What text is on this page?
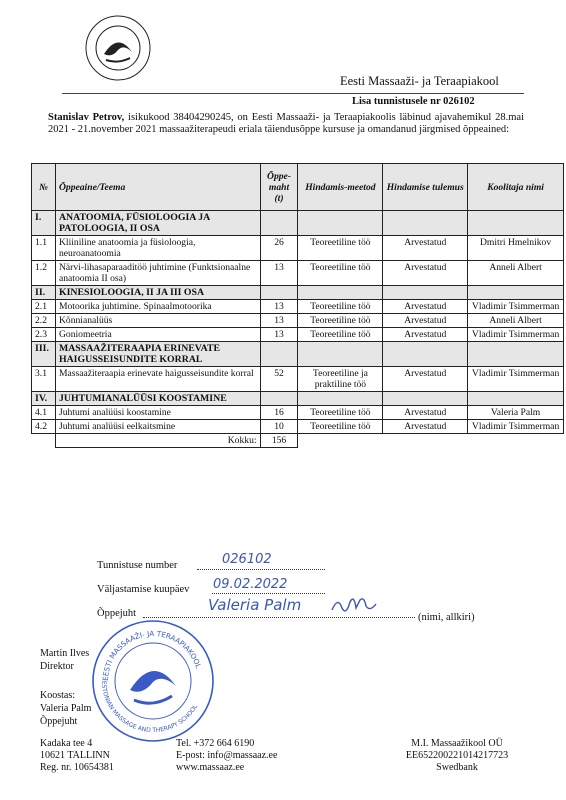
Eesti Massaaži- ja Teraapiakool
Lisa tunnistusele nr 026102
Stanislav Petrov, isikukood 38404290245, on Eesti Massaaži- ja Teraapiakoolis läbinud ajavahemikul 28.mai 2021 - 21.november 2021 massaažiterapeudi eriala täiendusõppe kursuse ja omandanud järgmised õppeained:
№	Õppeaine/Teema	Õppe-maht (t)	Hindamis-meetod	Hindamise tulemus	Koolitaja nimi
I.	ANATOOMIA, FÜSIOLOOGIA JA PATOLOOGIA, II OSA				
1.1	Kliiniline anatoomia ja füsioloogia, neuroanatoomia	26	Teoreetiline töö	Arvestatud	Dmitri Hmelnikov
1.2	Närvi-lihasaparaaditöö juhtimine (Funktsionaalne anatoomia II osa)	13	Teoreetiline töö	Arvestatud	Anneli Albert
II.	KINESIOLOOGIA, II JA III OSA				
2.1	Motoorika juhtimine. Spinaalmotoorika	13	Teoreetiline töö	Arvestatud	Vladimir Tsimmerman
2.2	Kõnnianalüüs	13	Teoreetiline töö	Arvestatud	Anneli Albert
2.3	Goniomeetria	13	Teoreetiline töö	Arvestatud	Vladimir Tsimmerman
III.	MASSAAŽITERAAPIA ERINEVATE HAIGUSSEISUNDITE KORRAL				
3.1	Massaažiteraapia erinevate haigusseisundite korral	52	Teoreetiline ja praktiline töö	Arvestatud	Vladimir Tsimmerman
IV.	JUHTUMIANALÜÜSI KOOSTAMINE				
4.1	Juhtumi analüüsi koostamine	16	Teoreetiline töö	Arvestatud	Valeria Palm
4.2	Juhtumi analüüsi eelkaitsmine	10	Teoreetiline töö	Arvestatud	Vladimir Tsimmerman
	Kokku:	156			
Tunnistuse number	026102
Väljastamise kuupäev 09.02.2022
Õppejuht	Valeria Palm
(nimi, allkiri)
Martin Ilves
Direktor
Koostas:
Valeria Palm
Õppejuht
EESTI MASSAAŽI- JA TERAAPIAKOOL
ESTONIAN MASSAGE AND THERAPY SCHOOL
Kadaka tee 4
10621 TALLINN
Reg. nr. 10654381
Tel. +372 664 6190
E-post: info@massaaz.ee
www.massaaz.ee
M.I. Massaažikool OÜ
EE652200221014217723
Swedbank
